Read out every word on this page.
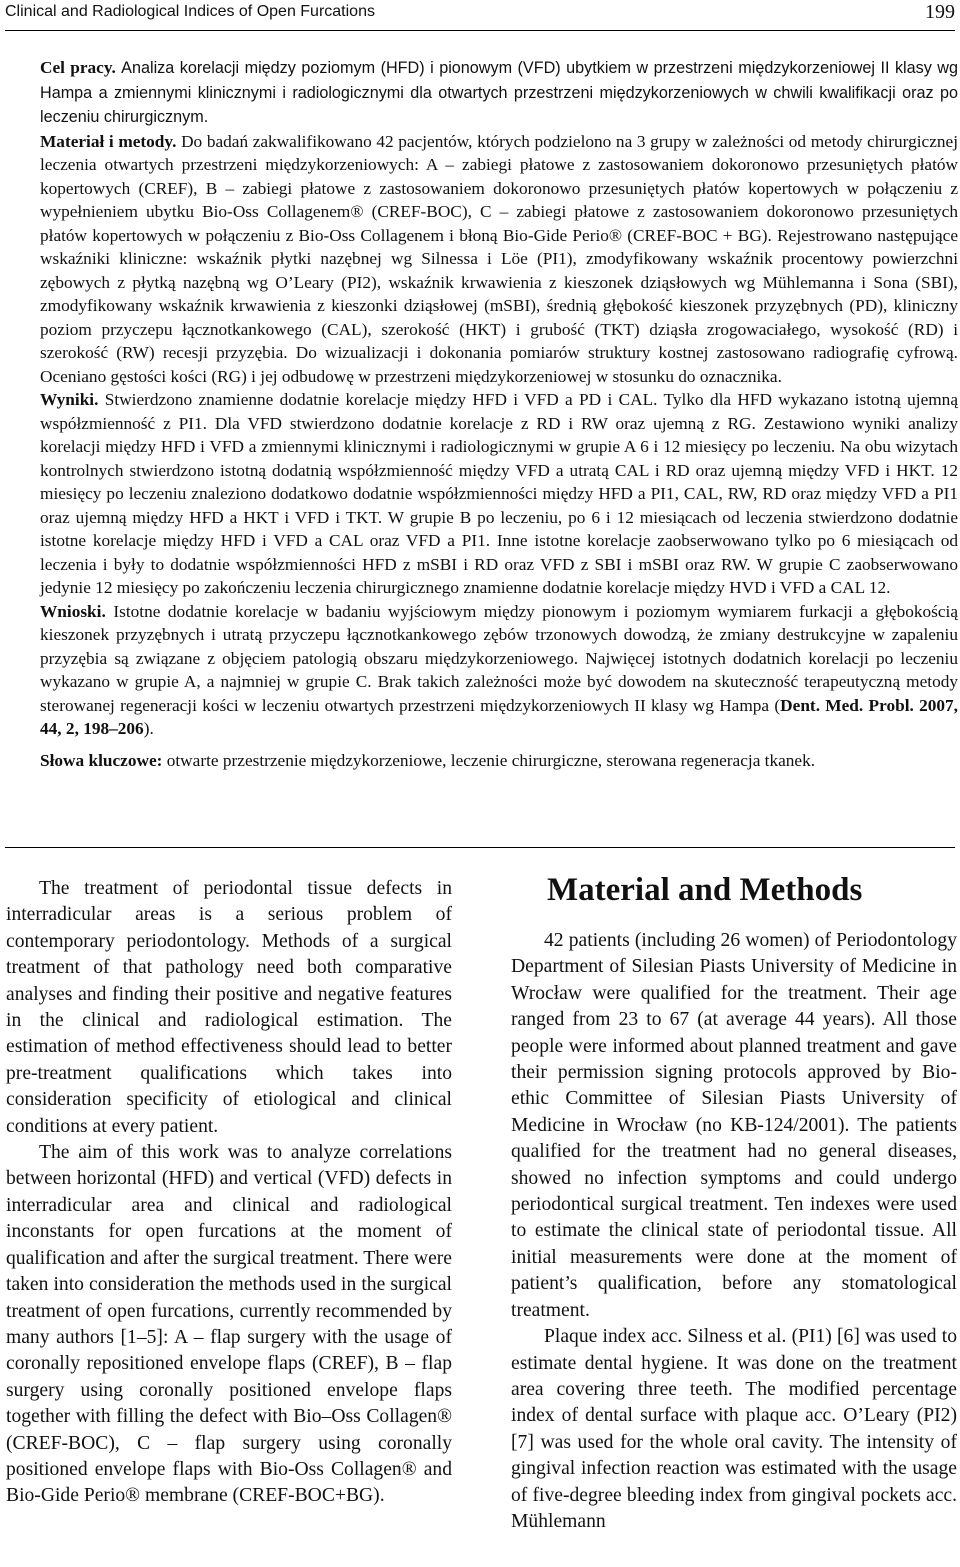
Clinical and Radiological Indices of Open Furcations	199

Cel pracy. Analiza korelacji między poziomym (HFD) i pionowym (VFD) ubytkiem w przestrzeni międzykorzeniowej II klasy wg Hampa a zmiennymi klinicznymi i radiologicznymi dla otwartych przestrzeni międzykorzeniowych w chwili kwalifikacji oraz po leczeniu chirurgicznym.

Materiał i metody. Do badań zakwalifikowano 42 pacjentów, których podzielono na 3 grupy w zależności od metody chirurgicznej leczenia otwartych przestrzeni międzykorzeniowych: A – zabiegi płatowe z zastosowaniem dokoronowo przesuniętych płatów kopertowych (CREF), B – zabiegi płatowe z zastosowaniem dokoronowo przesuniętych płatów kopertowych w połączeniu z wypełnieniem ubytku Bio-Oss Collagenem® (CREF-BOC), C – zabiegi płatowe z zastosowaniem dokoronowo przesuniętych płatów kopertowych w połączeniu z Bio-Oss Collagenem i błoną Bio-Gide Perio® (CREF-BOC + BG). Rejestrowano następujące wskaźniki kliniczne: wskaźnik płytki nazębnej wg Silnessa i Löe (PI1), zmodyfikowany wskaźnik procentowy powierzchni zębowych z płytką nazębną wg O’Leary (PI2), wskaźnik krwawienia z kieszonek dziąsłowych wg Mühlemanna i Sona (SBI), zmodyfikowany wskaźnik krwawienia z kieszonki dziąsłowej (mSBI), średnią głębokość kieszonek przyzębnych (PD), kliniczny poziom przyczepu łącznotkankowego (CAL), szerokość (HKT) i grubość (TKT) dziąsła zrogowaciałego, wysokość (RD) i szerokość (RW) recesji przyzębia. Do wizualizacji i dokonania pomiarów struktury kostnej zastosowano radiografię cyfrową. Oceniano gęstości kości (RG) i jej odbudowę w przestrzeni międzykorzeniowej w stosunku do oznacznika.

Wyniki. Stwierdzono znamienne dodatnie korelacje między HFD i VFD a PD i CAL. Tylko dla HFD wykazano istotną ujemną współzmienność z PI1. Dla VFD stwierdzono dodatnie korelacje z RD i RW oraz ujemną z RG. Zestawiono wyniki analizy korelacji między HFD i VFD a zmiennymi klinicznymi i radiologicznymi w grupie A 6 i 12 miesięcy po leczeniu. Na obu wizytach kontrolnych stwierdzono istotną dodatnią współzmienność między VFD a utratą CAL i RD oraz ujemną między VFD i HKT. 12 miesięcy po leczeniu znaleziono dodatkowo dodatnie współzmienności między HFD a PI1, CAL, RW, RD oraz między VFD a PI1 oraz ujemną między HFD a HKT i VFD i TKT. W grupie B po leczeniu, po 6 i 12 miesiącach od leczenia stwierdzono dodatnie istotne korelacje między HFD i VFD a CAL oraz VFD a PI1. Inne istotne korelacje zaobserwowano tylko po 6 miesiącach od leczenia i były to dodatnie współzmienności HFD z mSBI i RD oraz VFD z SBI i mSBI oraz RW. W grupie C zaobserwowano jedynie 12 miesięcy po zakończeniu leczenia chirurgicznego znamienne dodatnie korelacje między HVD i VFD a CAL 12.

Wnioski. Istotne dodatnie korelacje w badaniu wyjściowym między pionowym i poziomym wymiarem furkacji a głębokością kieszonek przyzębnych i utratą przyczepu łącznotkankowego zębów trzonowych dowodzą, że zmiany destrukcyjne w zapaleniu przyzębia są związane z objęciem patologią obszaru międzykorzeniowego. Najwięcej istotnych dodatnich korelacji po leczeniu wykazano w grupie A, a najmniej w grupie C. Brak takich zależności może być dowodem na skuteczność terapeutyczną metody sterowanej regeneracji kości w leczeniu otwartych przestrzeni międzykorzeniowych II klasy wg Hampa (Dent. Med. Probl. 2007, 44, 2, 198–206).

Słowa kluczowe: otwarte przestrzenie międzykorzeniowe, leczenie chirurgiczne, sterowana regeneracja tkanek.

The treatment of periodontal tissue defects in interradicular areas is a serious problem of contemporary periodontology. Methods of a surgical treatment of that pathology need both comparative analyses and finding their positive and negative features in the clinical and radiological estimation. The estimation of method effectiveness should lead to better pre-treatment qualifications which takes into consideration specificity of etiological and clinical conditions at every patient.

The aim of this work was to analyze correlations between horizontal (HFD) and vertical (VFD) defects in interradicular area and clinical and radiological inconstants for open furcations at the moment of qualification and after the surgical treatment. There were taken into consideration the methods used in the surgical treatment of open furcations, currently recommended by many authors [1–5]: A – flap surgery with the usage of coronally repositioned envelope flaps (CREF), B – flap surgery using coronally positioned envelope flaps together with filling the defect with Bio–Oss Collagen® (CREF-BOC), C – flap surgery using coronally positioned envelope flaps with Bio-Oss Collagen® and Bio-Gide Perio® membrane (CREF-BOC+BG).

Material and Methods

42 patients (including 26 women) of Periodontology Department of Silesian Piasts University of Medicine in Wrocław were qualified for the treatment. Their age ranged from 23 to 67 (at average 44 years). All those people were informed about planned treatment and gave their permission signing protocols approved by Bio-ethic Committee of Silesian Piasts University of Medicine in Wrocław (no KB-124/2001). The patients qualified for the treatment had no general diseases, showed no infection symptoms and could undergo periodontical surgical treatment. Ten indexes were used to estimate the clinical state of periodontal tissue. All initial measurements were done at the moment of patient’s qualification, before any stomatological treatment.

Plaque index acc. Silness et al. (PI1) [6] was used to estimate dental hygiene. It was done on the treatment area covering three teeth. The modified percentage index of dental surface with plaque acc. O’Leary (PI2) [7] was used for the whole oral cavity. The intensity of gingival infection reaction was estimated with the usage of five-degree bleeding index from gingival pockets acc. Mühlemann
